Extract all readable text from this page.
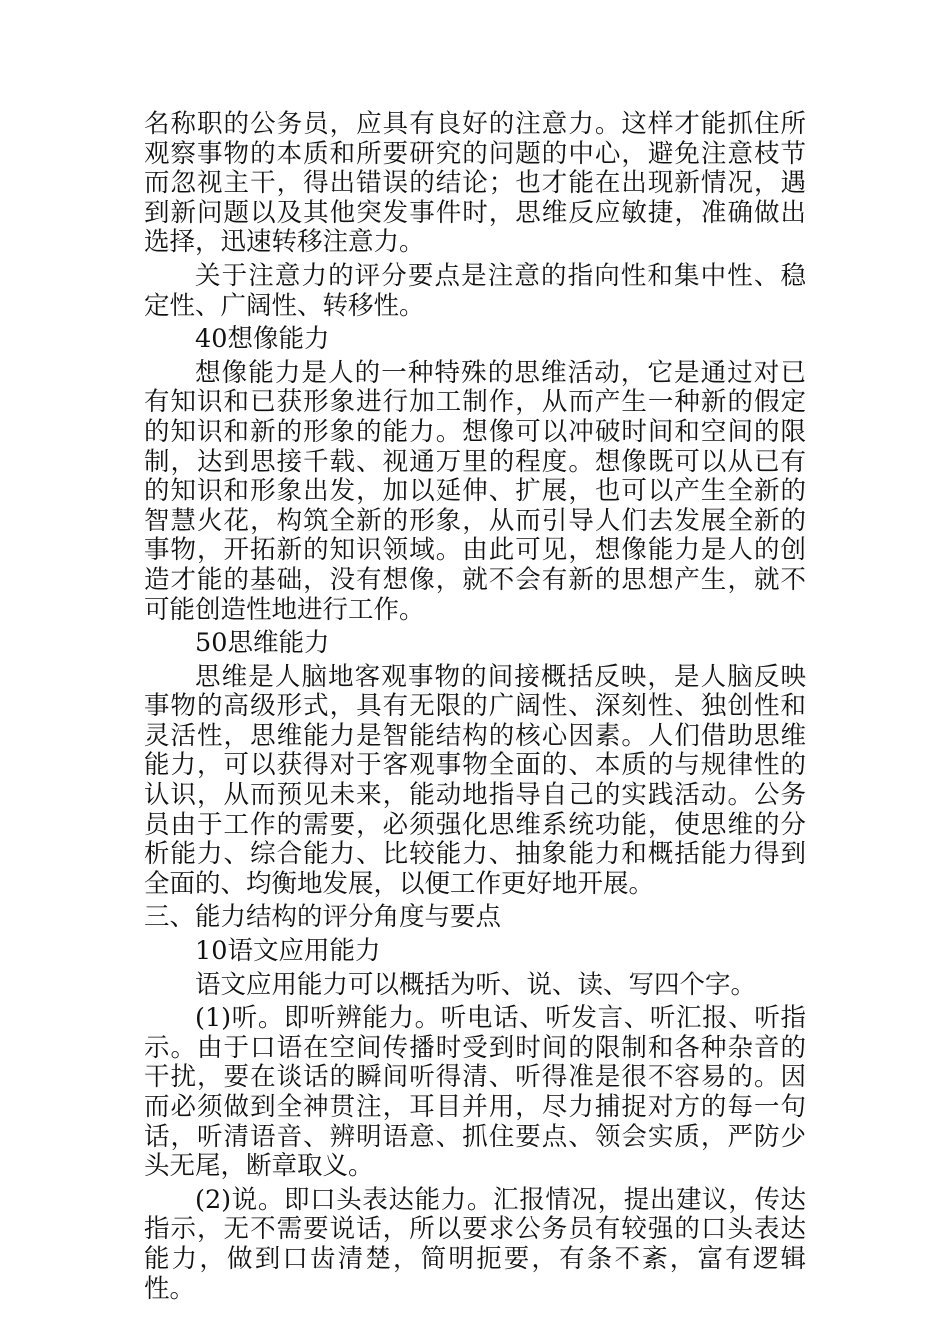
名称职的公务员，应具有良好的注意力。这样才能抓住所观察事物的本质和所要研究的问题的中心，避免注意枝节而忽视主干，得出错误的结论；也才能在出现新情况，遇到新问题以及其他突发事件时，思维反应敏捷，准确做出选择，迅速转移注意力。

关于注意力的评分要点是注意的指向性和集中性、稳定性、广阔性、转移性。

40想像能力

想像能力是人的一种特殊的思维活动，它是通过对已有知识和已获形象进行加工制作，从而产生一种新的假定的知识和新的形象的能力。想像可以冲破时间和空间的限制，达到思接千载、视通万里的程度。想像既可以从已有的知识和形象出发，加以延伸、扩展，也可以产生全新的智慧火花，构筑全新的形象，从而引导人们去发展全新的事物，开拓新的知识领域。由此可见，想像能力是人的创造才能的基础，没有想像，就不会有新的思想产生，就不可能创造性地进行工作。

50思维能力

思维是人脑地客观事物的间接概括反映，是人脑反映事物的高级形式，具有无限的广阔性、深刻性、独创性和灵活性，思维能力是智能结构的核心因素。人们借助思维能力，可以获得对于客观事物全面的、本质的与规律性的认识，从而预见未来，能动地指导自己的实践活动。公务员由于工作的需要，必须强化思维系统功能，使思维的分析能力、综合能力、比较能力、抽象能力和概括能力得到全面的、均衡地发展，以便工作更好地开展。

三、能力结构的评分角度与要点

10语文应用能力

语文应用能力可以概括为听、说、读、写四个字。

(1)听。即听辨能力。听电话、听发言、听汇报、听指示。由于口语在空间传播时受到时间的限制和各种杂音的干扰，要在谈话的瞬间听得清、听得准是很不容易的。因而必须做到全神贯注，耳目并用，尽力捕捉对方的每一句话，听清语音、辨明语意、抓住要点、领会实质，严防少头无尾，断章取义。

(2)说。即口头表达能力。汇报情况，提出建议，传达指示，无不需要说话，所以要求公务员有较强的口头表达能力，做到口齿清楚，简明扼要，有条不紊，富有逻辑性。
